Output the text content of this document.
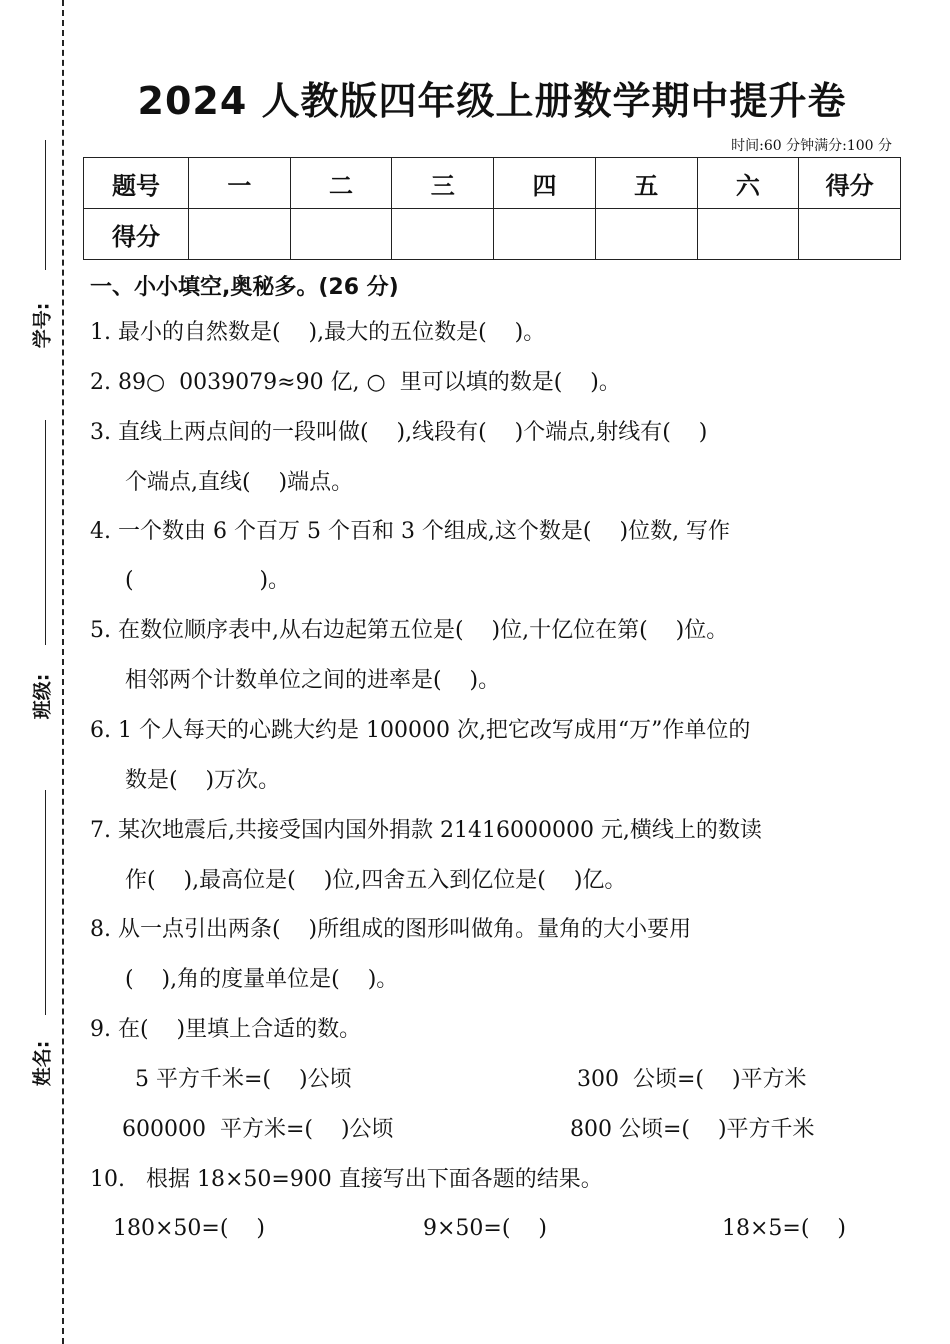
学号:
班级:
姓名:
2024 人教版四年级上册数学期中提升卷
时间:60 分钟满分:100 分
题号	一	二	三	四	五	六	得分
得分							
一、小小填空,奥秘多。(26 分)
1. 最小的自然数是(    ),最大的五位数是(    )。
2. 89○  0039079≈90 亿, ○  里可以填的数是(    )。
3. 直线上两点间的一段叫做(    ),线段有(    )个端点,射线有(    )
个端点,直线(    )端点。
4. 一个数由 6 个百万 5 个百和 3 个组成,这个数是(    )位数, 写作
(                  )。
5. 在数位顺序表中,从右边起第五位是(    )位,十亿位在第(    )位。
相邻两个计数单位之间的进率是(    )。
6. 1 个人每天的心跳大约是 100000 次,把它改写成用“万”作单位的
数是(    )万次。
7. 某次地震后,共接受国内国外捐款 21416000000 元,横线上的数读
作(    ),最高位是(    )位,四舍五入到亿位是(    )亿。
8. 从一点引出两条(    )所组成的图形叫做角。量角的大小要用
(    ),角的度量单位是(    )。
9. 在(    )里填上合适的数。
5 平方千米=(    )公顷	300  公顷=(    )平方米
600000  平方米=(    )公顷	800 公顷=(    )平方千米
10.   根据 18×50=900 直接写出下面各题的结果。
180×50=(    )	9×50=(    )	18×5=(    )
